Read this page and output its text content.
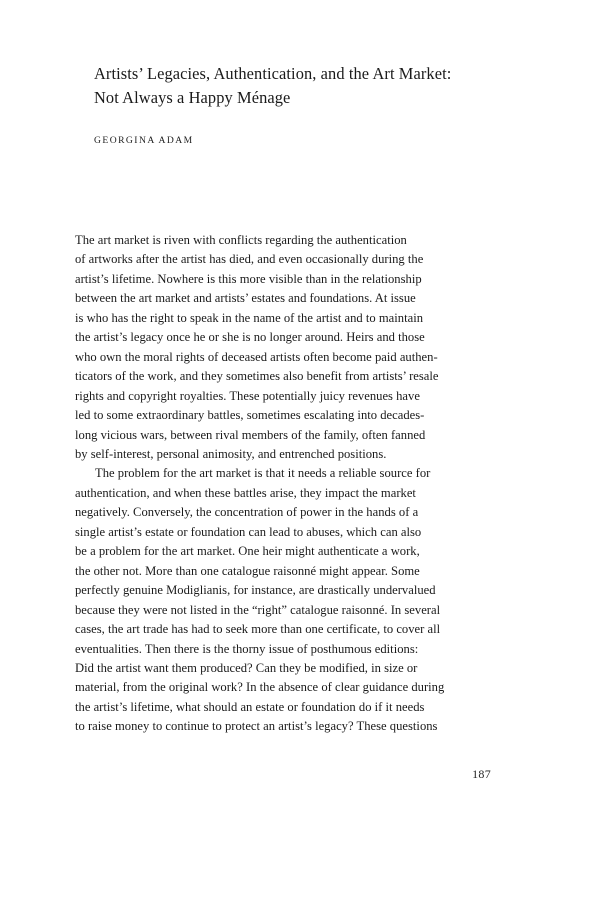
Artists’ Legacies, Authentication, and the Art Market:
Not Always a Happy Ménage
GEORGINA ADAM

The art market is riven with conflicts regarding the authentication
of artworks after the artist has died, and even occasionally during the
artist’s lifetime. Nowhere is this more visible than in the relationship
between the art market and artists’ estates and foundations. At issue
is who has the right to speak in the name of the artist and to maintain
the artist’s legacy once he or she is no longer around. Heirs and those
who own the moral rights of deceased artists often become paid authen-
ticators of the work, and they sometimes also benefit from artists’ resale
rights and copyright royalties. These potentially juicy revenues have
led to some extraordinary battles, sometimes escalating into decades-
long vicious wars, between rival members of the family, often fanned
by self-interest, personal animosity, and entrenched positions.

The problem for the art market is that it needs a reliable source for
authentication, and when these battles arise, they impact the market
negatively. Conversely, the concentration of power in the hands of a
single artist’s estate or foundation can lead to abuses, which can also
be a problem for the art market. One heir might authenticate a work,
the other not. More than one catalogue raisonné might appear. Some
perfectly genuine Modiglianis, for instance, are drastically undervalued
because they were not listed in the “right” catalogue raisonné. In several
cases, the art trade has had to seek more than one certificate, to cover all
eventualities. Then there is the thorny issue of posthumous editions:
Did the artist want them produced? Can they be modified, in size or
material, from the original work? In the absence of clear guidance during
the artist’s lifetime, what should an estate or foundation do if it needs
to raise money to continue to protect an artist’s legacy? These questions

187
